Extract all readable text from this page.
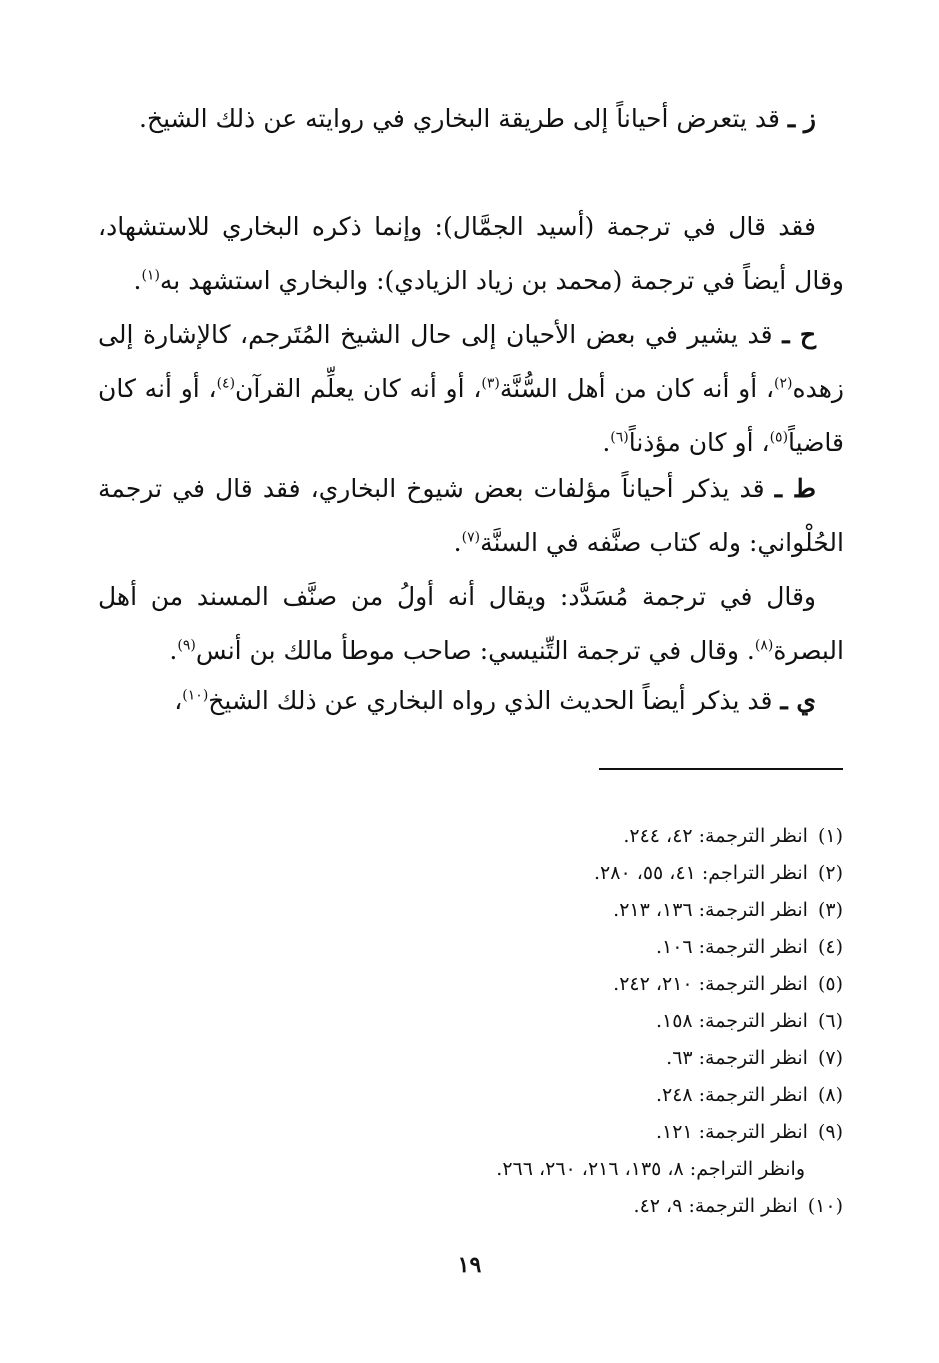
ز ـ قد يتعرض أحياناً إلى طريقة البخاري في روايته عن ذلك الشيخ.

فقد قال في ترجمة (أسيد الجمَّال): وإنما ذكره البخاري للاستشهاد، وقال أيضاً في ترجمة (محمد بن زياد الزيادي): والبخاري استشهد به$^{(١)}$.

ح ـ قد يشير في بعض الأحيان إلى حال الشيخ المُتَرجم، كالإشارة إلى زهده$^{(٢)}$، أو أنه كان من أهل السُّنَّة$^{(٣)}$، أو أنه كان يعلِّم القرآن$^{(٤)}$، أو أنه كان قاضياً$^{(٥)}$، أو كان مؤذناً$^{(٦)}$.

ط ـ قد يذكر أحياناً مؤلفات بعض شيوخ البخاري، فقد قال في ترجمة الحُلْواني: وله كتاب صنَّفه في السنَّة$^{(٧)}$.

وقال في ترجمة مُسَدَّد: ويقال أنه أولُ من صنَّف المسند من أهل البصرة$^{(٨)}$. وقال في ترجمة التِّنيسي: صاحب موطأ مالك بن أنس$^{(٩)}$.

ي ـ قد يذكر أيضاً الحديث الذي رواه البخاري عن ذلك الشيخ$^{(١٠)}$،

(١)انظر الترجمة: ٤٢، ٢٤٤.

(٢)انظر التراجم: ٤١، ٥٥، ٢٨٠.

(٣)انظر الترجمة: ١٣٦، ٢١٣.

(٤)انظر الترجمة: ١٠٦.

(٥)انظر الترجمة: ٢١٠، ٢٤٢.

(٦)انظر الترجمة: ١٥٨.

(٧)انظر الترجمة: ٦٣.

(٨)انظر الترجمة: ٢٤٨.

(٩)انظر الترجمة: ١٢١.

وانظر التراجم: ٨، ١٣٥، ٢١٦، ٢٦٠، ٢٦٦.

(١٠)انظر الترجمة: ٩، ٤٢.

١٩
